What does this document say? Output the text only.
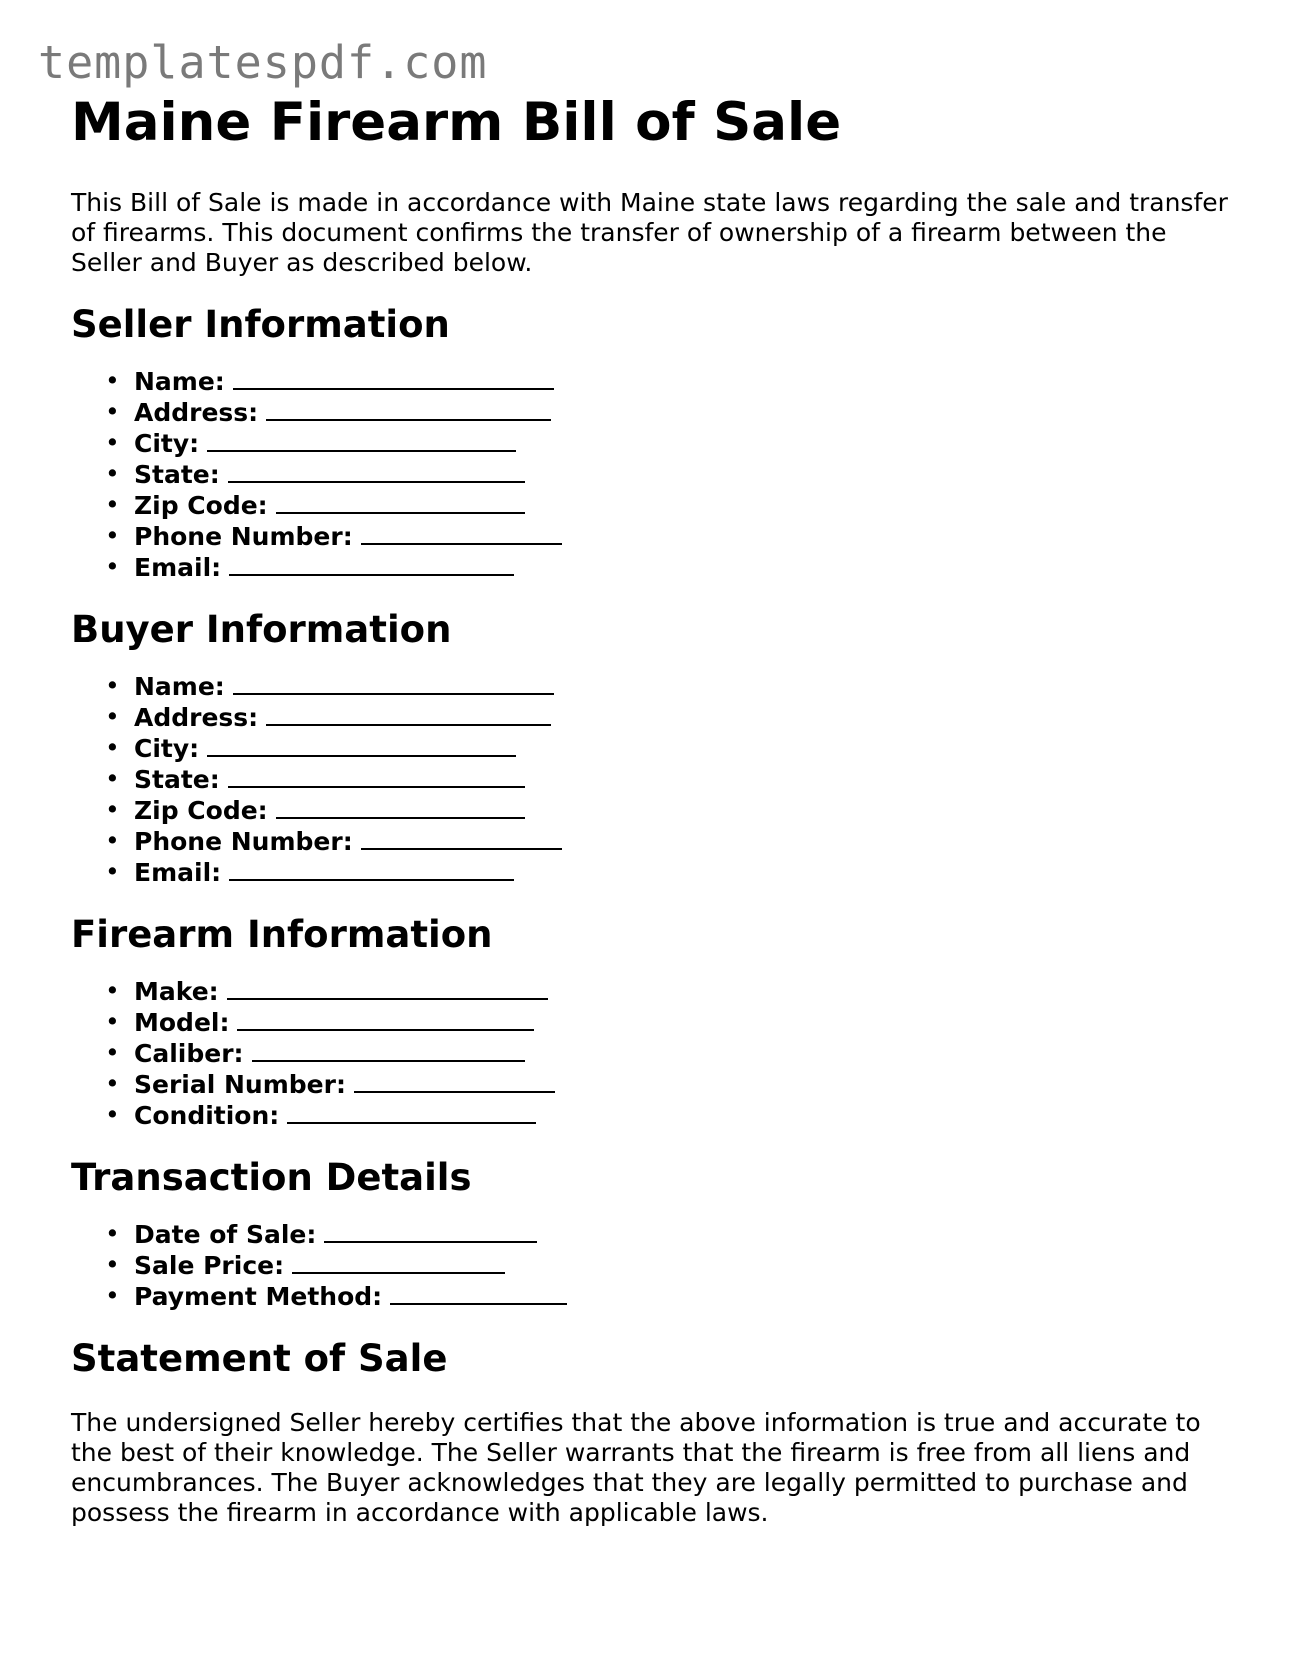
templatespdf.com
Maine Firearm Bill of Sale

This Bill of Sale is made in accordance with Maine state laws regarding the sale and transfer of firearms. This document confirms the transfer of ownership of a firearm between the Seller and Buyer as described below.

Seller Information
• Name:
• Address:
• City:
• State:
• Zip Code:
• Phone Number:
• Email:
Buyer Information
• Name:
• Address:
• City:
• State:
• Zip Code:
• Phone Number:
• Email:
Firearm Information
• Make:
• Model:
• Caliber:
• Serial Number:
• Condition:
Transaction Details
• Date of Sale:
• Sale Price:
• Payment Method:
Statement of Sale

The undersigned Seller hereby certifies that the above information is true and accurate to the best of their knowledge. The Seller warrants that the firearm is free from all liens and encumbrances. The Buyer acknowledges that they are legally permitted to purchase and possess the firearm in accordance with applicable laws.
